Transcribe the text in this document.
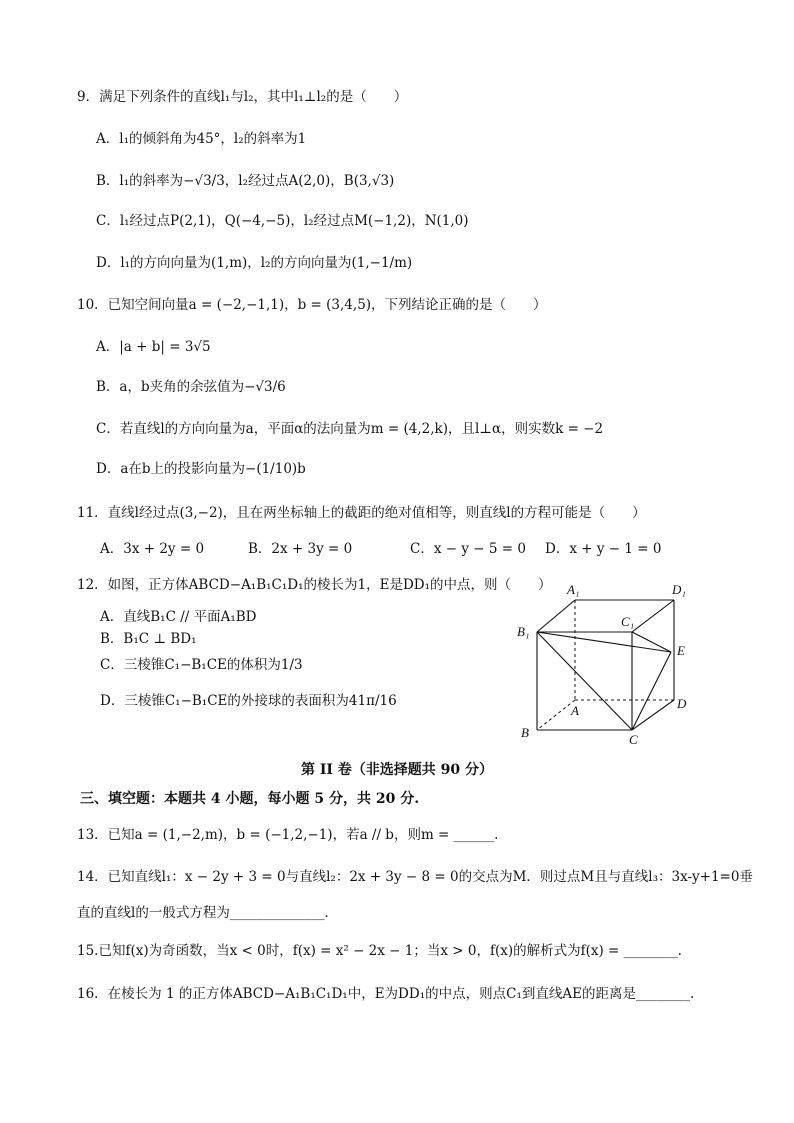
9．满足下列条件的直线l₁与l₂，其中l₁⊥l₂的是（　　）
A．l₁的倾斜角为45°，l₂的斜率为1
B．l₁的斜率为−√3/3，l₂经过点A(2,0)，B(3,√3)
C．l₁经过点P(2,1)，Q(−4,−5)，l₂经过点M(−1,2)，N(1,0)
D．l₁的方向向量为(1,m)，l₂的方向向量为(1,−1/m)
10．已知空间向量a = (−2,−1,1)，b = (3,4,5)，下列结论正确的是（　　）
A．|a + b| = 3√5
B．a，b夹角的余弦值为−√3/6
C．若直线l的方向向量为a，平面α的法向量为m = (4,2,k)，且l⊥α，则实数k = −2
D．a在b上的投影向量为−(1/10)b
11．直线l经过点(3,−2)，且在两坐标轴上的截距的绝对值相等，则直线l的方程可能是（　　）
A．3x + 2y = 0	B．2x + 3y = 0	C．x − y − 5 = 0 D．x + y − 1 = 0
12．如图，正方体ABCD−A₁B₁C₁D₁的棱长为1，E是DD₁的中点，则（　　）
A．直线B₁C // 平面A₁BD
B．B₁C ⊥ BD₁
C．三棱锥C₁−B₁CE的体积为1/3
D．三棱锥C₁−B₁CE的外接球的表面积为41π/16
A₁	D₁
C₁
B₁
E
A	D
B	C
第 II 卷（非选择题共 90 分）
三、填空题：本题共 4 小题，每小题 5 分，共 20 分.
13．已知a = (1,−2,m)，b = (−1,2,−1)，若a // b，则m = ______.
14．已知直线l₁：x − 2y + 3 = 0与直线l₂：2x + 3y − 8 = 0的交点为M．则过点M且与直线l₃：3x-y+1=0垂
直的直线l的一般式方程为______________.
15.已知f(x)为奇函数，当x < 0时，f(x) = x² − 2x − 1；当x > 0，f(x)的解析式为f(x) = ________.
16．在棱长为 1 的正方体ABCD−A₁B₁C₁D₁中，E为DD₁的中点，则点C₁到直线AE的距离是________.
